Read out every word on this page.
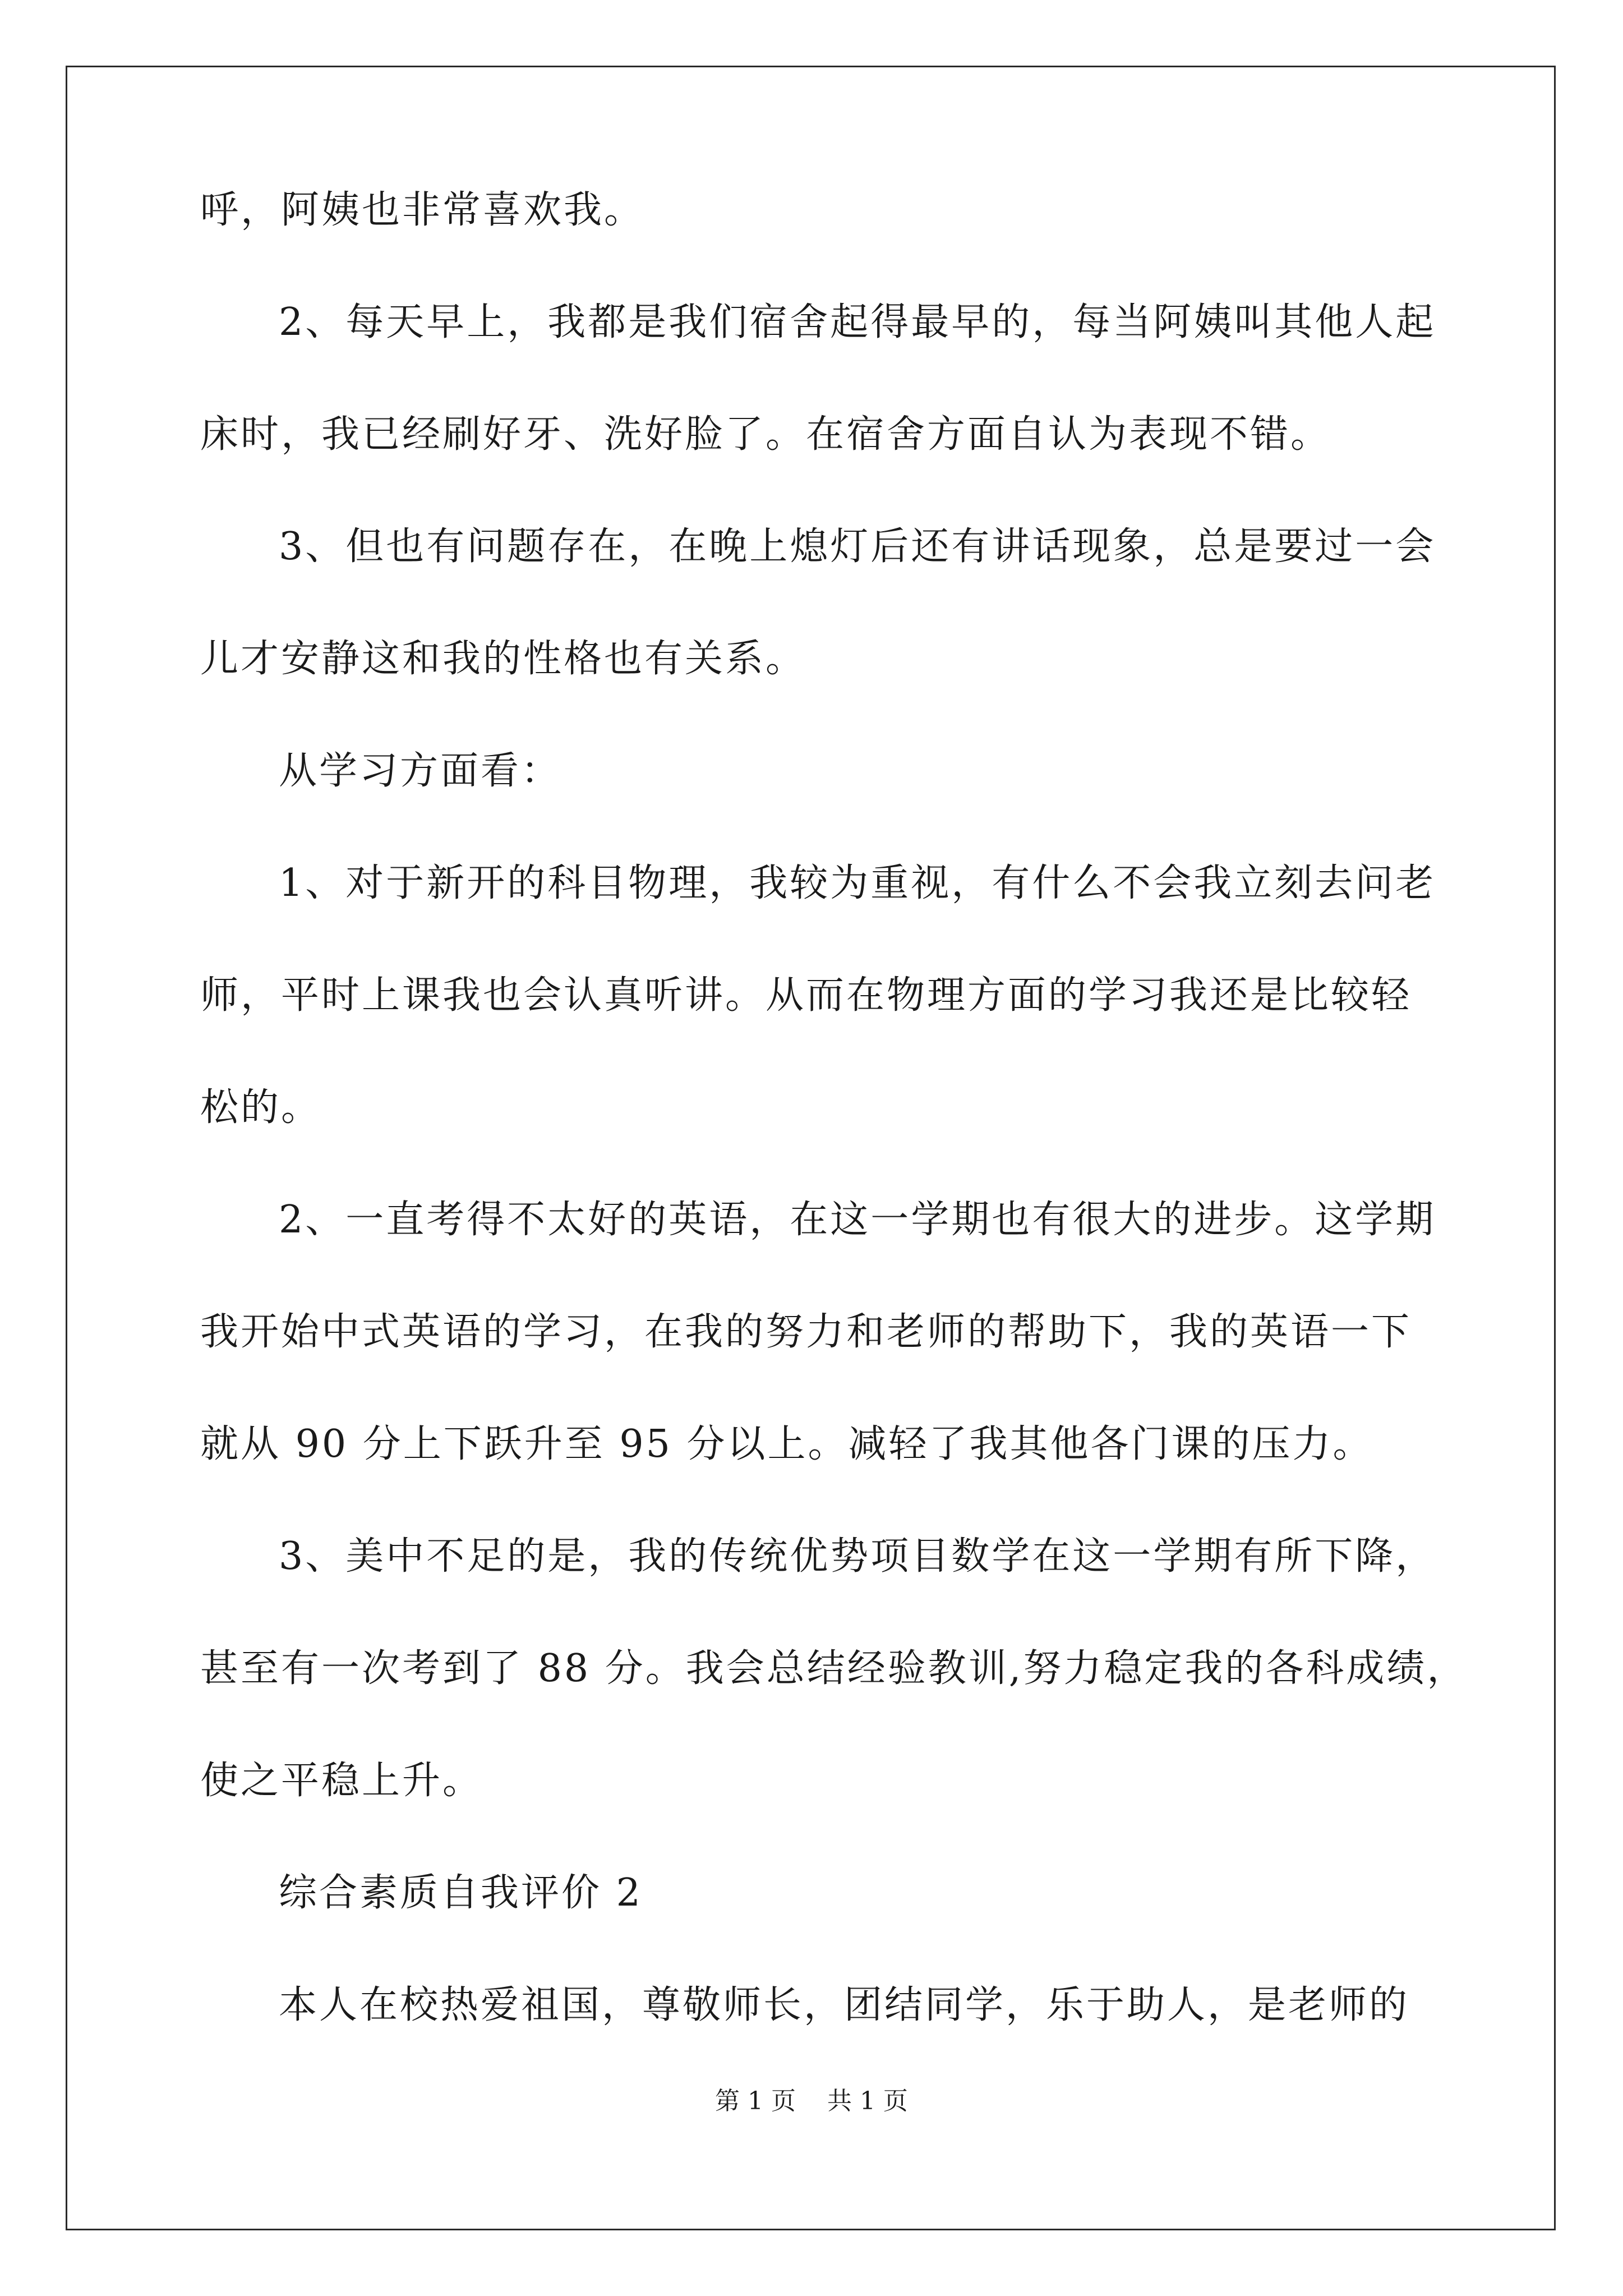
呼，阿姨也非常喜欢我。
2、每天早上，我都是我们宿舍起得最早的，每当阿姨叫其他人起
床时，我已经刷好牙、洗好脸了。在宿舍方面自认为表现不错。
3、但也有问题存在，在晚上熄灯后还有讲话现象，总是要过一会
儿才安静这和我的性格也有关系。
从学习方面看：
1、对于新开的科目物理，我较为重视，有什么不会我立刻去问老
师，平时上课我也会认真听讲。从而在物理方面的学习我还是比较轻
松的。
2、一直考得不太好的英语，在这一学期也有很大的进步。这学期
我开始中式英语的学习，在我的努力和老师的帮助下，我的英语一下
就从 90 分上下跃升至 95 分以上。减轻了我其他各门课的压力。
3、美中不足的是，我的传统优势项目数学在这一学期有所下降，
甚至有一次考到了 88 分。我会总结经验教训,努力稳定我的各科成绩，
使之平稳上升。
综合素质自我评价 2
本人在校热爱祖国，尊敬师长，团结同学，乐于助人，是老师的
第 1 页    共 1 页
